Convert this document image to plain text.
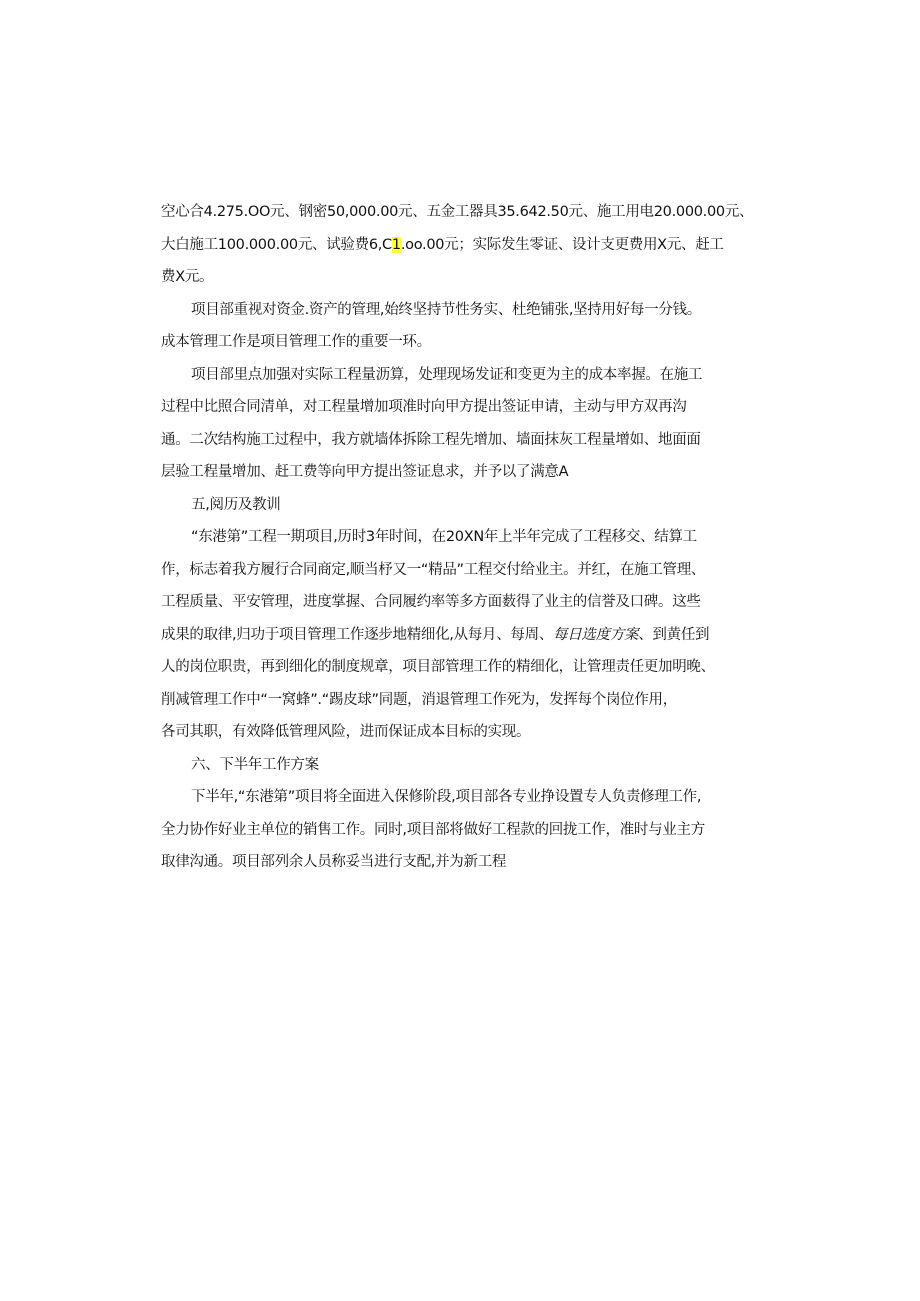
空心合4.275.OO元、钢密50,000.00元、五金工器具35.642.50元、施工用电20.000.00元、
大白施工100.000.00元、试验费6,C1.oo.00元；实际发生零证、设计支更费用X元、赶工
费X元。
项目部重视对资金.资产的管理,始终坚持节性务实、杜绝铺张,坚持用好每一分钱。
成本管理工作是项目管理工作的重要一环。
项目部里点加强对实际工程量沥算，处理现场发证和变更为主的成本率握。在施工
过程中比照合同清单，对工程量增加项准时向甲方提出签证申请，主动与甲方双再沟
通。二次结构施工过程中，我方就墙体拆除工程先增加、墙面抹灰工程量增如、地面面
层验工程量增加、赶工费等向甲方提出签证息求，并予以了满意A
五,阅历及教训
“东港第”工程一期项目,历时3年时间，在20XN年上半年完成了工程移交、结算工
作，标志着我方履行合同商定,顺当杼又一“精品”工程交付给业主。并红，在施工管理、
工程质量、平安管理，进度掌握、合同履约率等多方面薮得了业主的信誉及口碑。这些
成果的取律,归功于项目管理工作逐步地精细化,从每月、每周、每日选度方案、到黄任到
人的岗位职贵，再到细化的制度规章，项目部管理工作的精细化，让管理责任更加明晚、
削减管理工作中“一窝蜂”.“踢皮球”同题，消退管理工作死为，发挥每个岗位作用，
各司其职，有效降低管理风险，进而保证成本目标的实现。
六、下半年工作方案
下半年,“东港第”项目将全面进入保修阶段,项目部各专业挣设置专人负责修理工作,
全力协作好业主单位的销售工作。同时,项目部将做好工程款的回拢工作，准时与业主方
取律沟通。项目部列余人员称妥当进行支配,并为新工程
